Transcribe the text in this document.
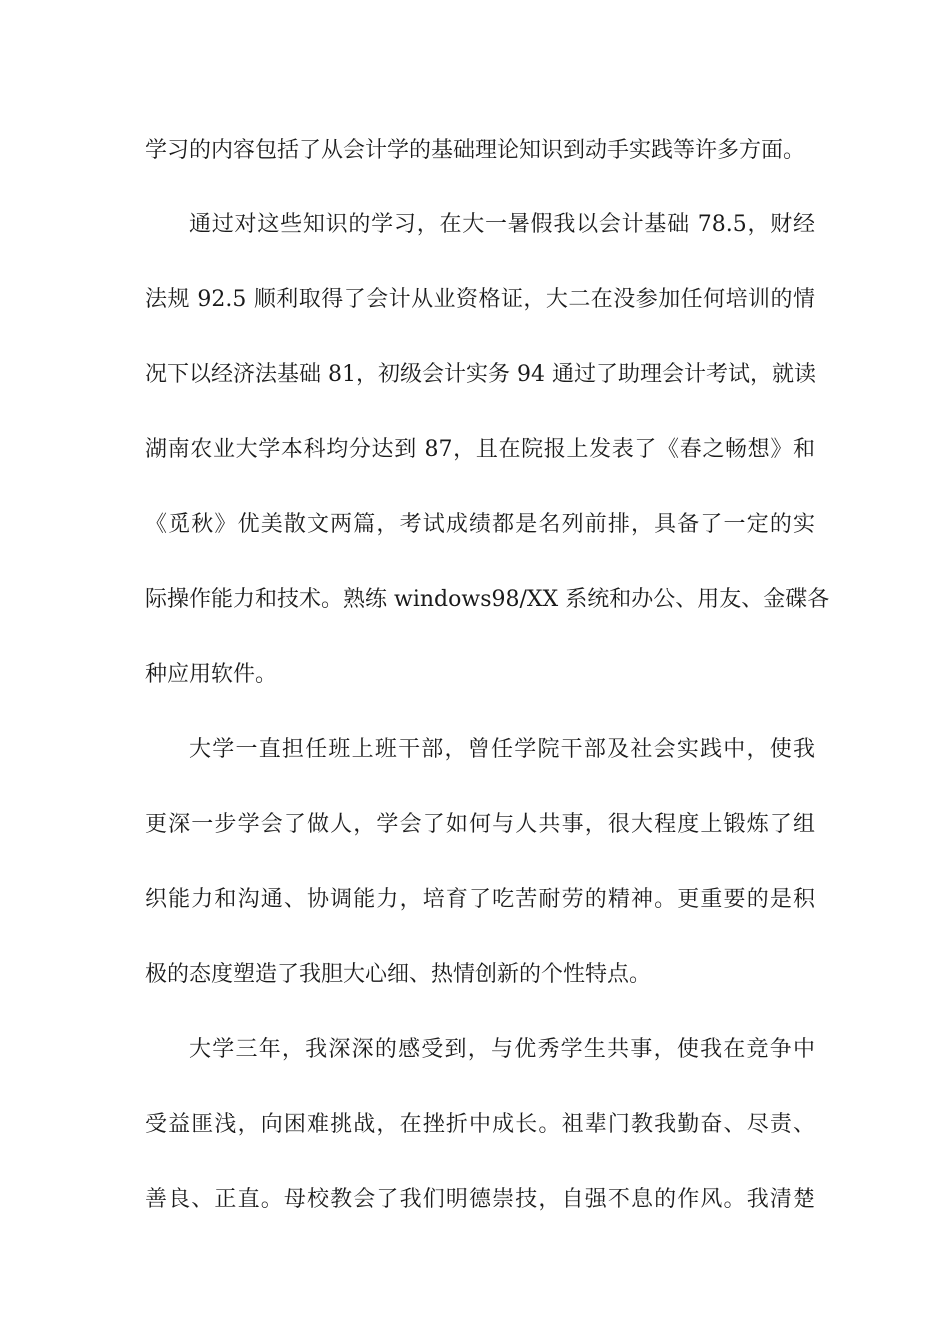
学习的内容包括了从会计学的基础理论知识到动手实践等许多方面。
通过对这些知识的学习，在大一暑假我以会计基础 78.5，财经
法规 92.5 顺利取得了会计从业资格证，大二在没参加任何培训的情
况下以经济法基础 81，初级会计实务 94 通过了助理会计考试，就读
湖南农业大学本科均分达到 87，且在院报上发表了《春之畅想》和
《觅秋》优美散文两篇，考试成绩都是名列前排，具备了一定的实
际操作能力和技术。熟练 windows98/XX 系统和办公、用友、金碟各
种应用软件。
大学一直担任班上班干部，曾任学院干部及社会实践中，使我
更深一步学会了做人，学会了如何与人共事，很大程度上锻炼了组
织能力和沟通、协调能力，培育了吃苦耐劳的精神。更重要的是积
极的态度塑造了我胆大心细、热情创新的个性特点。
大学三年，我深深的感受到，与优秀学生共事，使我在竞争中
受益匪浅，向困难挑战，在挫折中成长。祖辈门教我勤奋、尽责、
善良、正直。母校教会了我们明德崇技，自强不息的作风。我清楚
